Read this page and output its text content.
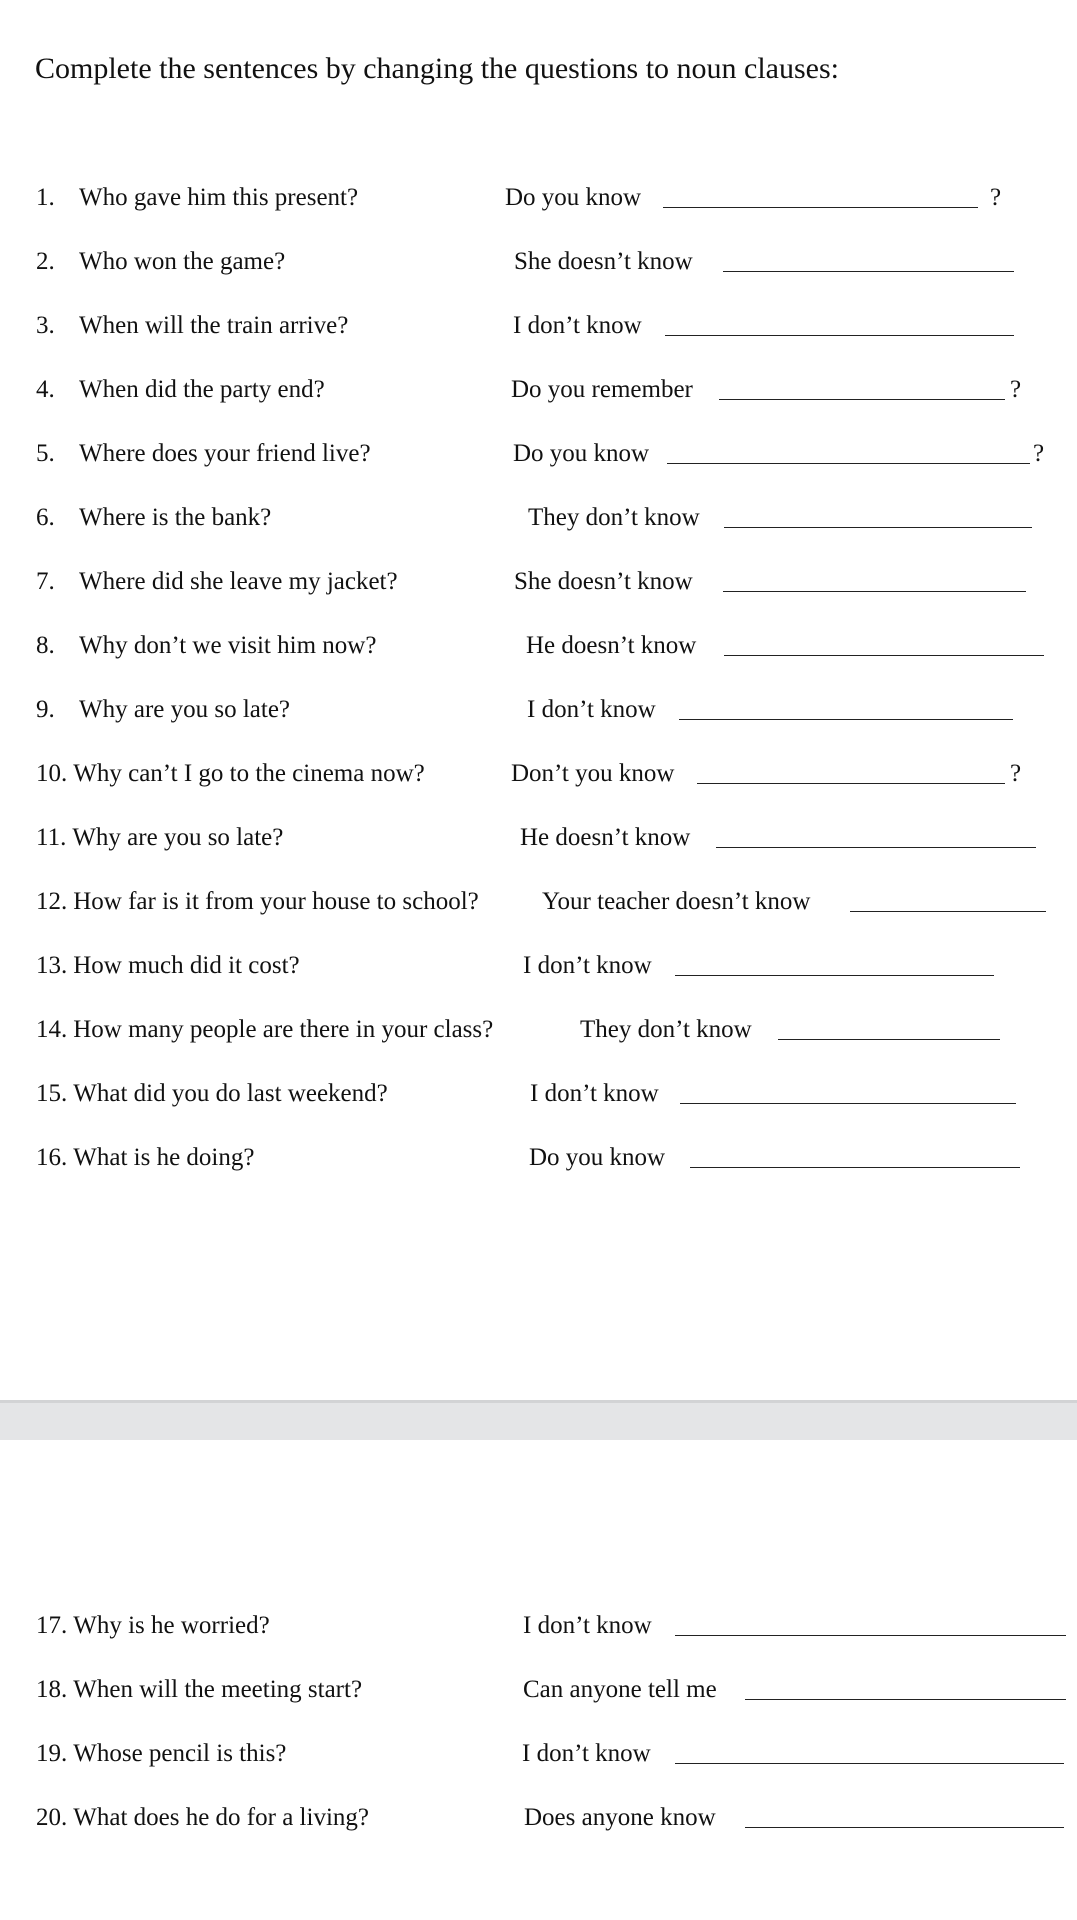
Complete the sentences by changing the questions to noun clauses:
1. Who gave him this present?	Do you know	?
2. Who won the game?	She doesn’t know
3. When will the train arrive?	I don’t know
4. When did the party end?	Do you remember	?
5. Where does your friend live?	Do you know	?
6. Where is the bank?	They don’t know
7. Where did she leave my jacket?	She doesn’t know
8. Why don’t we visit him now?	He doesn’t know
9. Why are you so late?	I don’t know
10. Why can’t I go to the cinema now?	Don’t you know	?
11. Why are you so late?	He doesn’t know
12. How far is it from your house to school?	Your teacher doesn’t know
13. How much did it cost?	I don’t know
14. How many people are there in your class?	They don’t know
15. What did you do last weekend?	I don’t know
16. What is he doing?	Do you know
17. Why is he worried?	I don’t know
18. When will the meeting start?	Can anyone tell me
19. Whose pencil is this?	I don’t know
20. What does he do for a living?	Does anyone know
